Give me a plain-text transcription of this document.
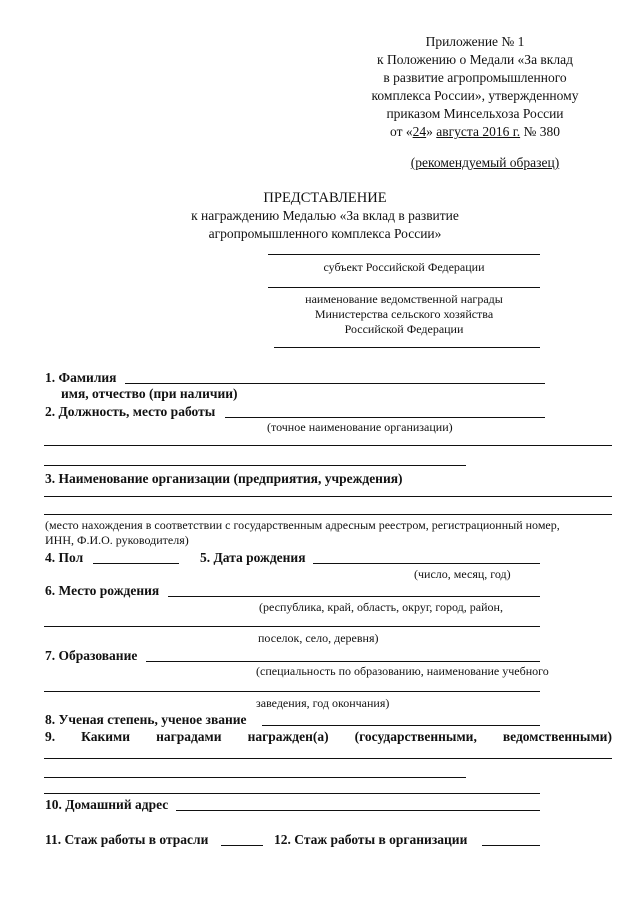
Приложение № 1
к Положению о Медали «За вклад
в развитие агропромышленного
комплекса России», утвержденному
приказом Минсельхоза России
от «24» августа 2016 г. № 380
(рекомендуемый образец)
ПРЕДСТАВЛЕНИЕ
к награждению Медалью «За вклад в развитие
агропромышленного комплекса России»
субъект Российской Федерации
наименование ведомственной награды
Министерства сельского хозяйства
Российской Федерации
1. Фамилия
имя, отчество (при наличии)
2. Должность, место работы
(точное наименование организации)
3. Наименование организации (предприятия, учреждения)
(место нахождения в соответствии с государственным адресным реестром, регистрационный номер,
ИНН, Ф.И.О. руководителя)
4. Пол	5. Дата рождения
(число, месяц, год)
6. Место рождения
(республика, край, область, округ, город, район,
поселок, село, деревня)
7. Образование
(специальность по образованию, наименование учебного
заведения, год окончания)
8. Ученая степень, ученое звание
9. Какими наградами награжден(а) (государственными, ведомственными)
10. Домашний адрес
11. Стаж работы в отрасли	12. Стаж работы в организации
